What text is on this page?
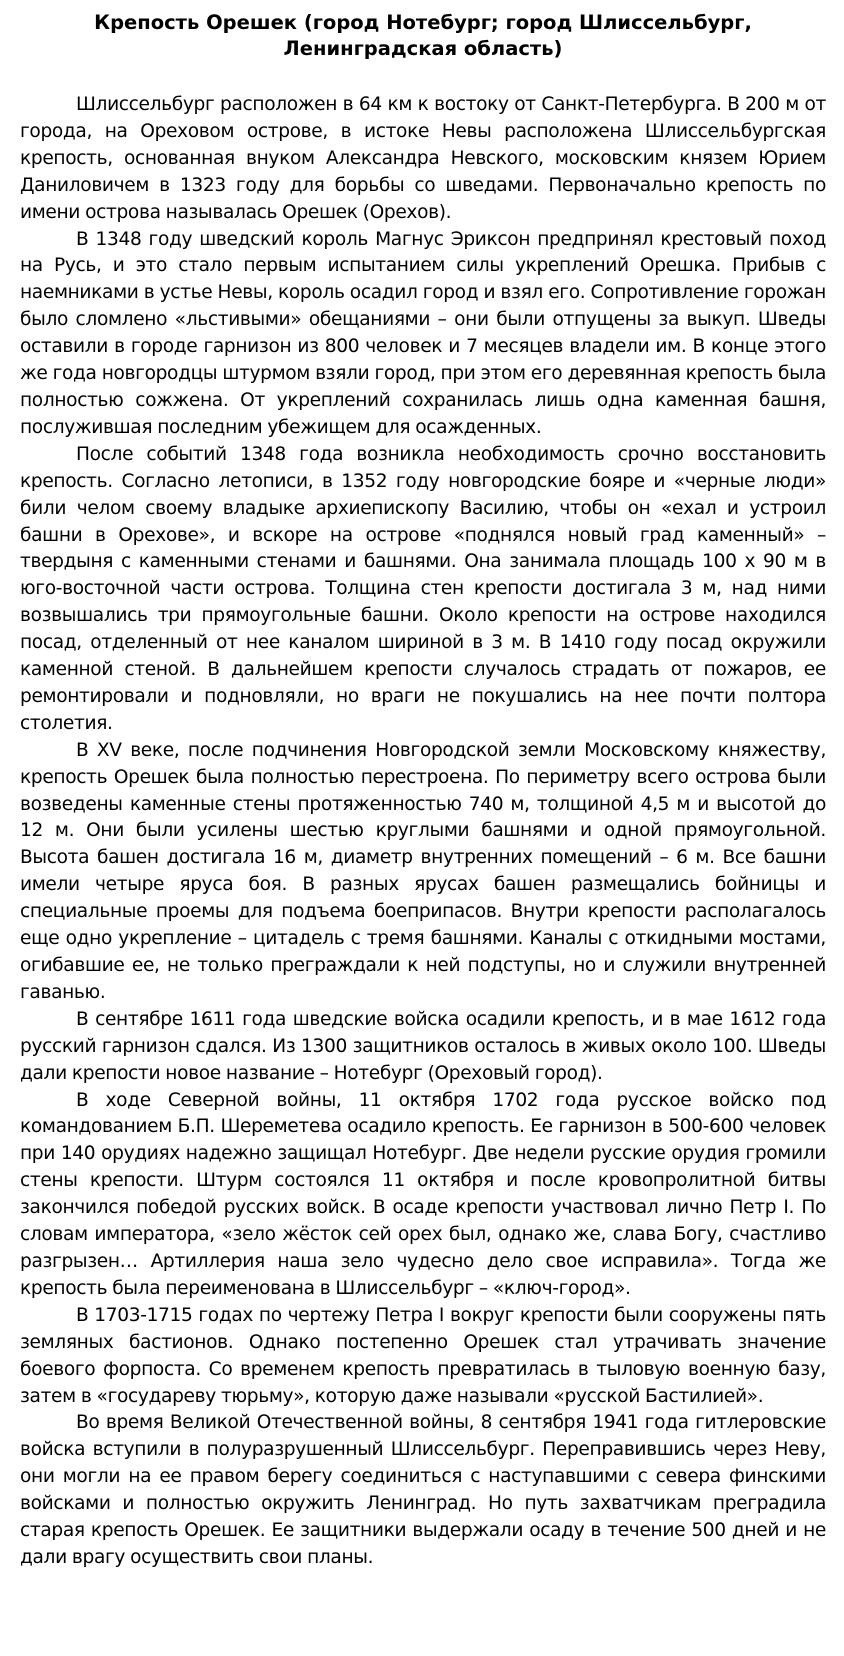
Крепость Орешек (город Нотебург; город Шлиссельбург, Ленинградская область)

Шлиссельбург расположен в 64 км к востоку от Санкт-Петербурга. В 200 м от города, на Ореховом острове, в истоке Невы расположена Шлиссельбургская крепость, основанная внуком Александра Невского, московским князем Юрием Даниловичем в 1323 году для борьбы со шведами. Первоначально крепость по имени острова называлась Орешек (Орехов).

В 1348 году шведский король Магнус Эриксон предпринял крестовый поход на Русь, и это стало первым испытанием силы укреплений Орешка. Прибыв с наемниками в устье Невы, король осадил город и взял его. Сопротивление горожан было сломлено «льстивыми» обещаниями – они были отпущены за выкуп. Шведы оставили в городе гарнизон из 800 человек и 7 месяцев владели им. В конце этого же года новгородцы штурмом взяли город, при этом его деревянная крепость была полностью сожжена. От укреплений сохранилась лишь одна каменная башня, послужившая последним убежищем для осажденных.

После событий 1348 года возникла необходимость срочно восстановить крепость. Согласно летописи, в 1352 году новгородские бояре и «черные люди» били челом своему владыке архиепископу Василию, чтобы он «ехал и устроил башни в Орехове», и вскоре на острове «поднялся новый град каменный» – твердыня с каменными стенами и башнями. Она занимала площадь 100 х 90 м в юго-восточной части острова. Толщина стен крепости достигала 3 м, над ними возвышались три прямоугольные башни. Около крепости на острове находился посад, отделенный от нее каналом шириной в 3 м. В 1410 году посад окружили каменной стеной. В дальнейшем крепости случалось страдать от пожаров, ее ремонтировали и подновляли, но враги не покушались на нее почти полтора столетия.

В XV веке, после подчинения Новгородской земли Московскому княжеству, крепость Орешек была полностью перестроена. По периметру всего острова были возведены каменные стены протяженностью 740 м, толщиной 4,5 м и высотой до 12 м. Они были усилены шестью круглыми башнями и одной прямоугольной. Высота башен достигала 16 м, диаметр внутренних помещений – 6 м. Все башни имели четыре яруса боя. В разных ярусах башен размещались бойницы и специальные проемы для подъема боеприпасов. Внутри крепости располагалось еще одно укрепление – цитадель с тремя башнями. Каналы с откидными мостами, огибавшие ее, не только преграждали к ней подступы, но и служили внутренней гаванью.

В сентябре 1611 года шведские войска осадили крепость, и в мае 1612 года русский гарнизон сдался. Из 1300 защитников осталось в живых около 100. Шведы дали крепости новое название – Нотебург (Ореховый город).

В ходе Северной войны, 11 октября 1702 года русское войско под командованием Б.П. Шереметева осадило крепость. Ее гарнизон в 500-600 человек при 140 орудиях надежно защищал Нотебург. Две недели русские орудия громили стены крепости. Штурм состоялся 11 октября и после кровопролитной битвы закончился победой русских войск. В осаде крепости участвовал лично Петр I. По словам императора, «зело жёсток сей орех был, однако же, слава Богу, счастливо разгрызен… Артиллерия наша зело чудесно дело свое исправила». Тогда же крепость была переименована в Шлиссельбург – «ключ-город».

В 1703-1715 годах по чертежу Петра I вокруг крепости были сооружены пять земляных бастионов. Однако постепенно Орешек стал утрачивать значение боевого форпоста. Со временем крепость превратилась в тыловую военную базу, затем в «государеву тюрьму», которую даже называли «русской Бастилией».

Во время Великой Отечественной войны, 8 сентября 1941 года гитлеровские войска вступили в полуразрушенный Шлиссельбург. Переправившись через Неву, они могли на ее правом берегу соединиться с наступавшими с севера финскими войсками и полностью окружить Ленинград. Но путь захватчикам преградила старая крепость Орешек. Ее защитники выдержали осаду в течение 500 дней и не дали врагу осуществить свои планы.
